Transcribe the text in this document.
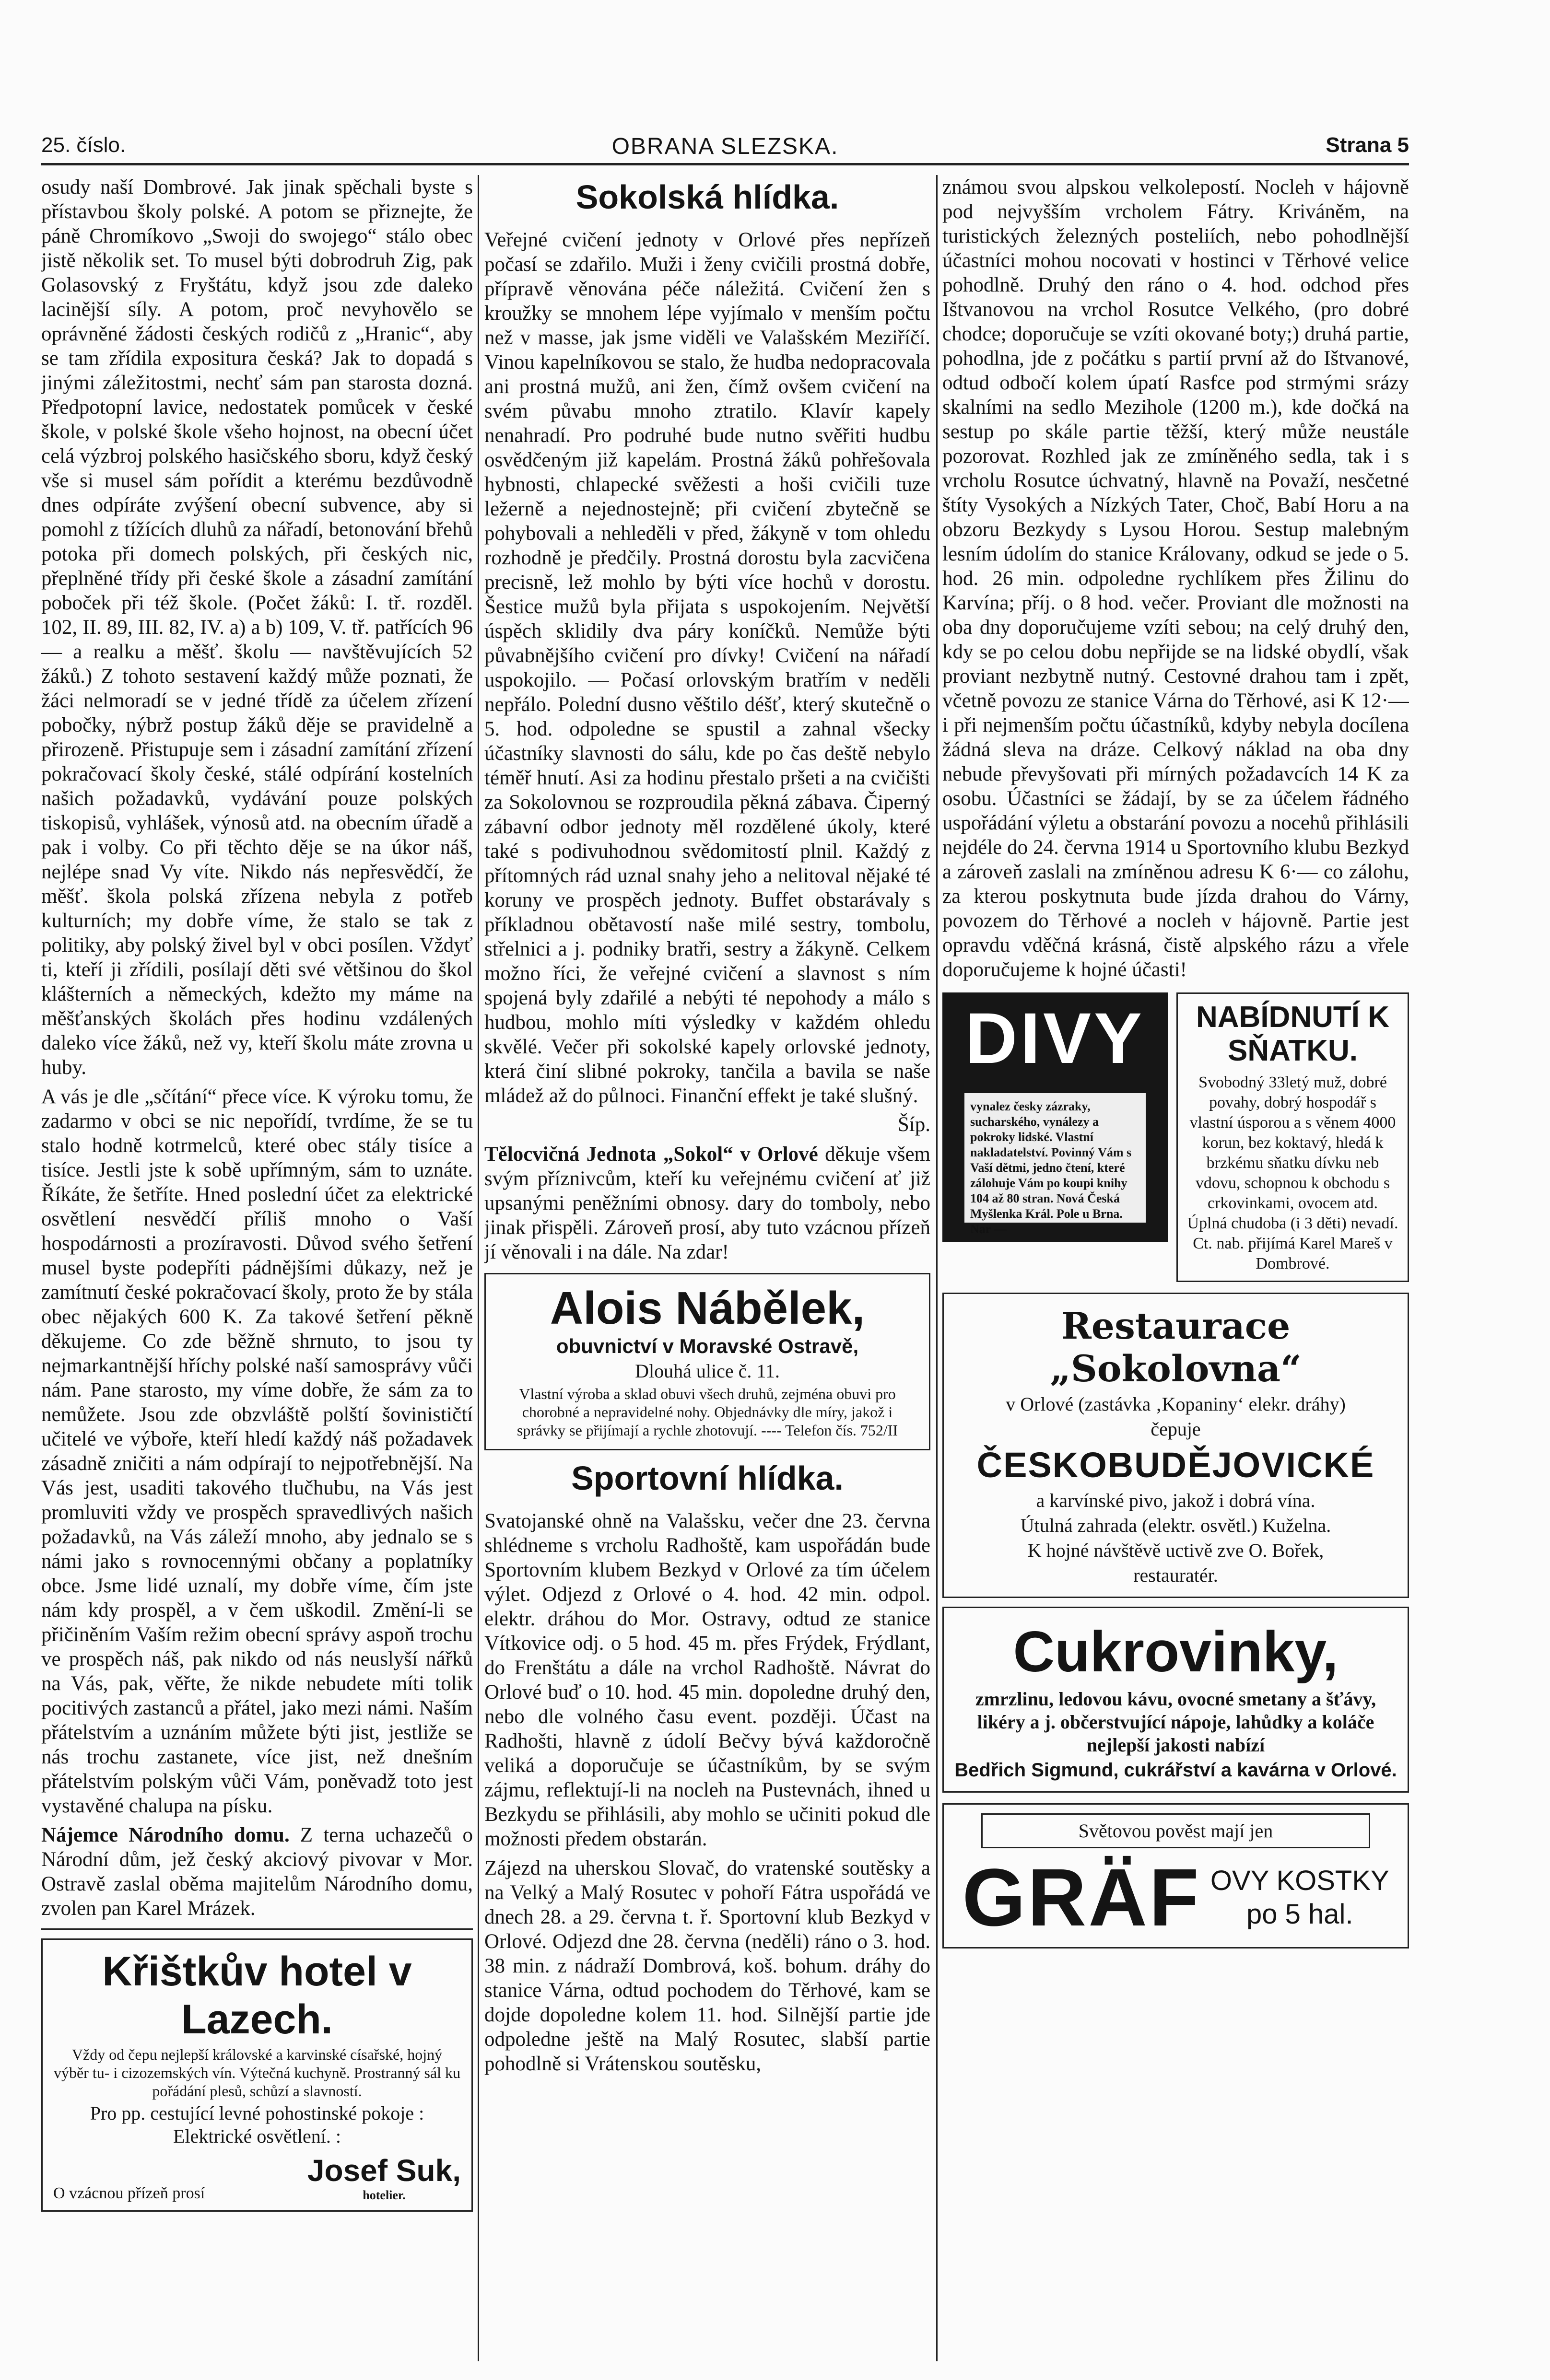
25. číslo.	OBRANA SLEZSKA.	Strana 5

osudy naší Dombrové. Jak jinak spěchali byste s přístavbou školy polské. A potom se přiznejte, že páně Chromíkovo „Swoji do swojego“ stálo obec jistě několik set. To musel býti dobrodruh Zig, pak Golasovský z Fryštátu, když jsou zde daleko lacinější síly. A potom, proč nevyhovělo se oprávněné žádosti českých rodičů z „Hranic“, aby se tam zřídila expositura česká? Jak to dopadá s jinými záležitostmi, nechť sám pan starosta dozná. Předpotopní lavice, nedostatek pomůcek v české škole, v polské škole všeho hojnost, na obecní účet celá výzbroj polského hasičského sboru, když český vše si musel sám pořídit a kterému bezdůvodně dnes odpíráte zvýšení obecní subvence, aby si pomohl z tížících dluhů za nářadí, betonování břehů potoka při domech polských, při českých nic, přeplněné třídy při české škole a zásadní zamítání poboček při též škole. (Počet žáků: I. tř. rozděl. 102, II. 89, III. 82, IV. a) a b) 109, V. tř. patřících 96 — a realku a měšť. školu — navštěvujících 52 žáků.) Z tohoto sestavení každý může poznati, že žáci nelmoradí se v jedné třídě za účelem zřízení pobočky, nýbrž postup žáků děje se pravidelně a přirozeně. Přistupuje sem i zásadní zamítání zřízení pokračovací školy české, stálé odpírání kostelních našich požadavků, vydávání pouze polských tiskopisů, vyhlášek, výnosů atd. na obecním úřadě a pak i volby. Co při těchto děje se na úkor náš, nejlépe snad Vy víte. Nikdo nás nepřesvědčí, že měšť. škola polská zřízena nebyla z potřeb kulturních; my dobře víme, že stalo se tak z politiky, aby polský živel byl v obci posílen. Vždyť ti, kteří ji zřídili, posílají děti své většinou do škol klášterních a německých, kdežto my máme na měšťanských školách přes hodinu vzdálených daleko více žáků, než vy, kteří školu máte zrovna u huby.

A vás je dle „sčítání“ přece více. K výroku tomu, že zadarmo v obci se nic nepořídí, tvrdíme, že se tu stalo hodně kotrmelců, které obec stály tisíce a tisíce. Jestli jste k sobě upřímným, sám to uznáte. Říkáte, že šetříte. Hned poslední účet za elektrické osvětlení nesvědčí příliš mnoho o Vaší hospodárnosti a prozíravosti. Důvod svého šetření musel byste podepříti pádnějšími důkazy, než je zamítnutí české pokračovací školy, proto že by stála obec nějakých 600 K. Za takové šetření pěkně děkujeme. Co zde běžně shrnuto, to jsou ty nejmarkantnější hříchy polské naší samosprávy vůči nám. Pane starosto, my víme dobře, že sám za to nemůžete. Jsou zde obzvláště polští šovinističtí učitelé ve výboře, kteří hledí každý náš požadavek zásadně zničiti a nám odpírají to nejpotřebnější. Na Vás jest, usaditi takového tlučhubu, na Vás jest promluviti vždy ve prospěch spravedlivých našich požadavků, na Vás záleží mnoho, aby jednalo se s námi jako s rovnocennými občany a poplatníky obce. Jsme lidé uznalí, my dobře víme, čím jste nám kdy prospěl, a v čem uškodil. Změní-li se přičiněním Vaším režim obecní správy aspoň trochu ve prospěch náš, pak nikdo od nás neuslyší nářků na Vás, pak, věřte, že nikde nebudete míti tolik pocitivých zastanců a přátel, jako mezi námi. Naším přátelstvím a uznáním můžete býti jist, jestliže se nás trochu zastanete, více jist, než dnešním přátelstvím polským vůči Vám, poněvadž toto jest vystavěné chalupa na písku.

Nájemce Národního domu. Z terna uchazečů o Národní dům, jež český akciový pivovar v Mor. Ostravě zaslal oběma majitelům Národního domu, zvolen pan Karel Mrázek.

Křištkův hotel v Lazech.
Vždy od čepu nejlepší královské a karvinské císařské, hojný výběr tu- i cizozemských vín. Výtečná kuchyně. Prostranný sál ku pořádání plesů, schůzí a slavností.
Pro pp. cestující levné pohostinské pokoje : Elektrické osvětlení. :
O vzácnou přízeň prosí
Josef Suk,
hotelier.
Sokolská hlídka.

Veřejné cvičení jednoty v Orlové přes nepřízeň počasí se zdařilo. Muži i ženy cvičili prostná dobře, přípravě věnována péče náležitá. Cvičení žen s kroužky se mnohem lépe vyjímalo v menším počtu než v masse, jak jsme viděli ve Valašském Meziříčí. Vinou kapelníkovou se stalo, že hudba nedopracovala ani prostná mužů, ani žen, čímž ovšem cvičení na svém půvabu mnoho ztratilo. Klavír kapely nenahradí. Pro podruhé bude nutno svěřiti hudbu osvědčeným již kapelám. Prostná žáků pohřešovala hybnosti, chlapecké svěžesti a hoši cvičili tuze ležerně a nejednostejně; při cvičení zbytečně se pohybovali a nehleděli v před, žákyně v tom ohledu rozhodně je předčily. Prostná dorostu byla zacvičena precisně, lež mohlo by býti více hochů v dorostu. Šestice mužů byla přijata s uspokojením. Největší úspěch sklidily dva páry koníčků. Nemůže býti půvabnějšího cvičení pro dívky! Cvičení na nářadí uspokojilo. — Počasí orlovským bratřím v neděli nepřálo. Polední dusno věštilo déšť, který skutečně o 5. hod. odpoledne se spustil a zahnal všecky účastníky slavnosti do sálu, kde po čas deště nebylo téměř hnutí. Asi za hodinu přestalo pršeti a na cvičišti za Sokolovnou se rozproudila pěkná zábava. Čiperný zábavní odbor jednoty měl rozdělené úkoly, které také s podivuhodnou svědomitostí plnil. Každý z přítomných rád uznal snahy jeho a nelitoval nějaké té koruny ve prospěch jednoty. Buffet obstarávaly s příkladnou obětavostí naše milé sestry, tombolu, střelnici a j. podniky bratři, sestry a žákyně. Celkem možno říci, že veřejné cvičení a slavnost s ním spojená byly zdařilé a nebýti té nepohody a málo s hudbou, mohlo míti výsledky v každém ohledu skvělé. Večer při sokolské kapely orlovské jednoty, která činí slibné pokroky, tančila a bavila se naše mládež až do půlnoci. Finanční effekt je také slušný.

Šíp.

Tělocvičná Jednota „Sokol“ v Orlové děkuje všem svým příznivcům, kteří ku veřejnému cvičení ať již upsanými peněžními obnosy. dary do tomboly, nebo jinak přispěli. Zároveň prosí, aby tuto vzácnou přízeň jí věnovali i na dále. Na zdar!

Alois Nábělek,
obuvnictví v Moravské Ostravě,
Dlouhá ulice č. 11.
Vlastní výroba a sklad obuvi všech druhů, zejména obuvi pro chorobné a nepravidelné nohy. Objednávky dle míry, jakož i správky se přijímají a rychle zhotovují. ---- Telefon čís. 752/II
Sportovní hlídka.

Svatojanské ohně na Valašsku, večer dne 23. června shlédneme s vrcholu Radhoště, kam uspořádán bude Sportovním klubem Bezkyd v Orlové za tím účelem výlet. Odjezd z Orlové o 4. hod. 42 min. odpol. elektr. dráhou do Mor. Ostravy, odtud ze stanice Vítkovice odj. o 5 hod. 45 m. přes Frýdek, Frýdlant, do Frenštátu a dále na vrchol Radhoště. Návrat do Orlové buď o 10. hod. 45 min. dopoledne druhý den, nebo dle volného času event. později. Účast na Radhošti, hlavně z údolí Bečvy bývá každoročně veliká a doporučuje se účastníkům, by se svým zájmu, reflektují-li na nocleh na Pustevnách, ihned u Bezkydu se přihlásili, aby mohlo se učiniti pokud dle možnosti předem obstarán.

Zájezd na uherskou Slovač, do vratenské soutěsky a na Velký a Malý Rosutec v pohoří Fátra uspořádá ve dnech 28. a 29. června t. ř. Sportovní klub Bezkyd v Orlové. Odjezd dne 28. června (neděli) ráno o 3. hod. 38 min. z nádraží Dombrová, koš. bohum. dráhy do stanice Várna, odtud pochodem do Těrhové, kam se dojde dopoledne kolem 11. hod. Silnější partie jde odpoledne ještě na Malý Rosutec, slabší partie pohodlně si Vrátenskou soutěsku,

známou svou alpskou velkolepostí. Nocleh v hájovně pod nejvyšším vrcholem Fátry. Kriváněm, na turistických železných posteliích, nebo pohodlnější účastníci mohou nocovati v hostinci v Těrhové velice pohodlně. Druhý den ráno o 4. hod. odchod přes Ištvanovou na vrchol Rosutce Velkého, (pro dobré chodce; doporučuje se vzíti okované boty;) druhá partie, pohodlna, jde z počátku s partií první až do Ištvanové, odtud odbočí kolem úpatí Rasfce pod strmými srázy skalními na sedlo Mezihole (1200 m.), kde dočká na sestup po skále partie těžší, který může neustále pozorovat. Rozhled jak ze zmíněného sedla, tak i s vrcholu Rosutce úchvatný, hlavně na Považí, nesčetné štíty Vysokých a Nízkých Tater, Choč, Babí Horu a na obzoru Bezkydy s Lysou Horou. Sestup malebným lesním údolím do stanice Královany, odkud se jede o 5. hod. 26 min. odpoledne rychlíkem přes Žilinu do Karvína; příj. o 8 hod. večer. Proviant dle možnosti na oba dny doporučujeme vzíti sebou; na celý druhý den, kdy se po celou dobu nepřijde se na lidské obydlí, však proviant nezbytně nutný. Cestovné drahou tam i zpět, včetně povozu ze stanice Várna do Těrhové, asi K 12·— i při nejmenším počtu účastníků, kdyby nebyla docílena žádná sleva na dráze. Celkový náklad na oba dny nebude převyšovati při mírných požadavcích 14 K za osobu. Účastníci se žádají, by se za účelem řádného uspořádání výletu a obstarání povozu a nocehů přihlásili nejdéle do 24. června 1914 u Sportovního klubu Bezkyd a zároveň zaslali na zmíněnou adresu K 6·— co zálohu, za kterou poskytnuta bude jízda drahou do Várny, povozem do Těrhové a nocleh v hájovně. Partie jest opravdu vděčná krásná, čistě alpského rázu a vřele doporučujeme k hojné účasti!

DIVY
vynalez česky zázraky, sucharského, vynálezy a pokroky lidské. Vlastní nakladatelství. Povinný Vám s Vaší dětmi, jedno čtení, které zálohuje Vám po koupi knihy 104 až 80 stran. Nová Česká Myšlenka Král. Pole u Brna. Nar —
NABÍDNUTÍ K SŇATKU.

Svobodný 33letý muž, dobré povahy, dobrý hospodář s vlastní úsporou a s věnem 4000 korun, bez koktavý, hledá k brzkému sňatku dívku neb vdovu, schopnou k obchodu s crkovinkami, ovocem atd. Úplná chudoba (i 3 děti) nevadí. Ct. nab. přijímá Karel Mareš v Dombrové.

Restaurace „Sokolovna“
v Orlové (zastávka ‚Kopaniny‘ elekr. dráhy)
čepuje
ČESKOBUDĚJOVICKÉ
a karvínské pivo, jakož i dobrá vína.
Útulná zahrada (elektr. osvětl.) Kuželna.
K hojné návštěvě uctivě zve O. Bořek,
restauratér.
Cukrovinky,
zmrzlinu, ledovou kávu, ovocné smetany a šťávy, likéry a j. občerstvující nápoje, lahůdky a koláče nejlepší jakosti nabízí
Bedřich Sigmund, cukrářství a kavárna v Orlové.
Světovou pověst mají jen
GRÄF OVY KOSTKY
po 5 hal.
